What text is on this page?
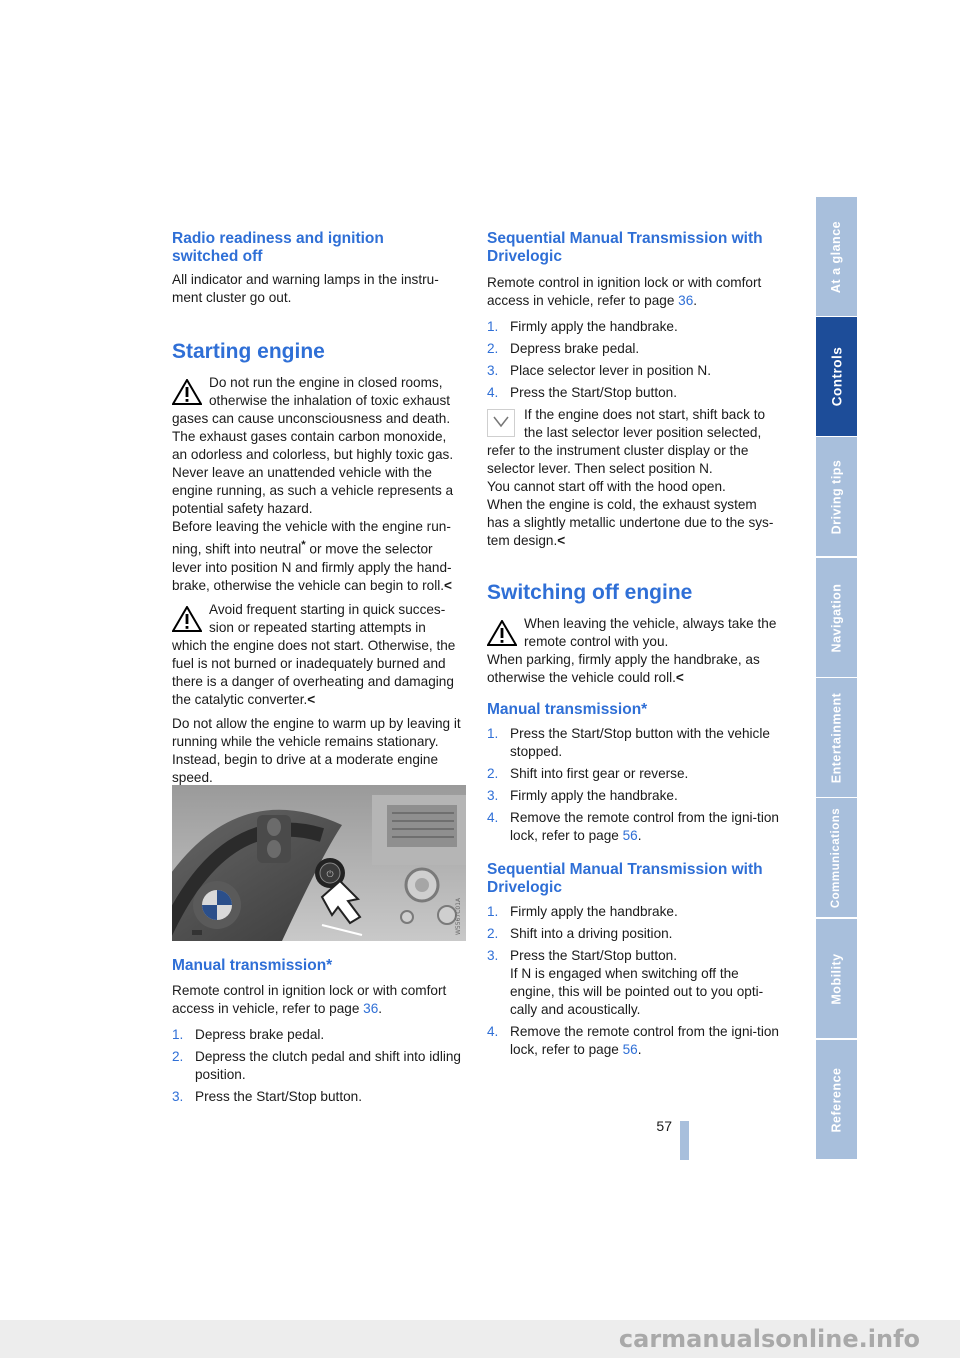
Radio readiness and ignition switched off

All indicator and warning lamps in the instru-ment cluster go out.

Starting engine
Do not run the engine in closed rooms, otherwise the inhalation of toxic exhaust
gases can cause unconsciousness and death. The exhaust gases contain carbon monoxide, an odorless and colorless, but highly toxic gas. Never leave an unattended vehicle with the engine running, as such a vehicle represents a potential safety hazard.
Before leaving the vehicle with the engine run-ning, shift into neutral* or move the selector lever into position N and firmly apply the hand-brake, otherwise the vehicle can begin to roll.<
Avoid frequent starting in quick succes-sion or repeated starting attempts in
which the engine does not start. Otherwise, the fuel is not burned or inadequately burned and there is a danger of overheating and damaging the catalytic converter.<

Do not allow the engine to warm up by leaving it running while the vehicle remains stationary. Instead, begin to drive at a moderate engine speed.

⏻
W5567C01A
Manual transmission*

Remote control in ignition lock or with comfort access in vehicle, refer to page 36.

1. Depress brake pedal.
2. Depress the clutch pedal and shift into idling position.
3. Press the Start/Stop button.
Sequential Manual Transmission with Drivelogic

Remote control in ignition lock or with comfort access in vehicle, refer to page 36.

1. Firmly apply the handbrake.
2. Depress brake pedal.
3. Place selector lever in position N.
4. Press the Start/Stop button.
If the engine does not start, shift back to the last selector lever position selected,
refer to the instrument cluster display or the selector lever. Then select position N.
You cannot start off with the hood open.
When the engine is cold, the exhaust system has a slightly metallic undertone due to the sys-tem design.<
Switching off engine
When leaving the vehicle, always take the remote control with you.
When parking, firmly apply the handbrake, as otherwise the vehicle could roll.<
Manual transmission*
1. Press the Start/Stop button with the vehicle stopped.
2. Shift into first gear or reverse.
3. Firmly apply the handbrake.
4. Remove the remote control from the igni-tion lock, refer to page 56.
Sequential Manual Transmission with Drivelogic
1. Firmly apply the handbrake.
2. Shift into a driving position.
3. Press the Start/Stop button.
If N is engaged when switching off the engine, this will be pointed out to you opti-cally and acoustically.
4. Remove the remote control from the igni-tion lock, refer to page 56.
At a glance
Controls
Driving tips
Navigation
Entertainment
Communications
Mobility
Reference
57
carmanualsonline.info
